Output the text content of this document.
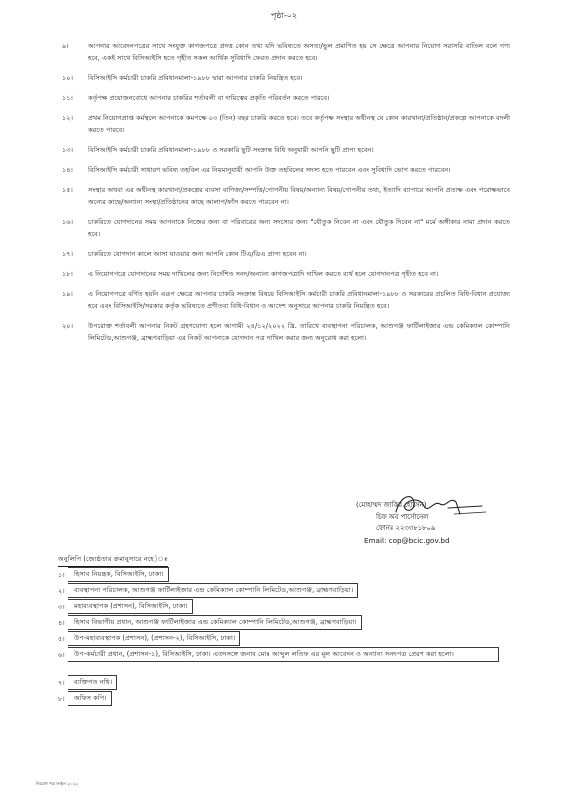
পৃষ্ঠা-০২
৯।	আপনার আবেদনপত্রের সাথে সংযুক্ত কাগজপত্রে প্রদত্ত কোন তথ্য যদি ভবিষ্যতে অসত্য/ভুল প্রমাণিত হয় সে ক্ষেত্রে আপনার নিয়োগ সরাসরি বাতিল বলে গণ্য হবে, একই সাথে বিসিআইসি হতে গৃহীত সকল আর্থিক সুবিধাদি ফেরত প্রদান করতে হবে।
১০। বিসিআইসি কর্মচারী চাকরি প্রবিধানমালা-১৯৮৮ দ্বারা আপনার চাকরি নিয়ন্ত্রিত হবে।
১১। কর্তৃপক্ষ প্রয়োজনবোধে আপনার চাকরির শর্তাবলী বা দায়িত্বের প্রকৃতি পরিবর্তন করতে পারবে।
১২। প্রথম নিয়োগপ্রাপ্ত কর্মস্থলে আপনাকে কমপক্ষে ০৩ (তিন) বছর চাকরি করতে হবে। তবে কর্তৃপক্ষ সংস্থার অধীনস্থ যে কোন কারখানা/প্রতিষ্ঠান/প্রকল্পে আপনাকে বদলী করতে পারবে।
১৩। বিসিআইসি কর্মচারী চাকরি প্রবিধানমালা-১৯৮৮ ও সরকারি ছুটি সংক্রান্ত বিধি অনুযায়ী আপনি ছুটি প্রাপ্য হবেন।
১৪। বিসিআইসি কর্মচারী সাধারণ ভবিষ্য তহবিল এর নিয়মানুযায়ী আপনি উক্ত তহবিলের সদস্য হতে পারবেন এবং সুবিধাদি ভোগ করতে পারবেন।
১৫। সংস্থার অথবা এর অধীনস্থ কারখানা/প্রকল্পের ব্যবসা বাণিজ্য/সম্পত্তি/গোপনীয় বিষয়/অন্যান্য বিষয়/গোপনীয় তথ্য, ইত্যাদি ব্যাপারে আপনি প্রত্যক্ষ এবং পরোক্ষভাবে অন্যের কাছে/অন্যান্য সংস্থা/প্রতিষ্ঠানের কাছে আলাপ/ফাঁস করতে পারবেন না।
১৬। চাকরিতে যোগদানের সময় আপনাকে নিজের জন্য বা পরিবারের অন্য সদস্যের জন্য "যৌতুক নিবেন না এবং যৌতুক দিবেন না" মর্মে অঙ্গীকার নামা প্রদান করতে হবে।
১৭। চাকরিতে যোগদান কালে আসা যাওয়ার জন্য আপনি কোন টিএ/ডিএ প্রাপ্য হবেন না।
১৮। এ নিয়োগপত্রে যোগদানের সময় দাখিলের জন্য নির্দেশিত সনদ/অন্যান্য কাগজপত্রাদি দাখিল করতে ব্যর্থ হলে যোগদানপত্র গৃহীত হবে না।
১৯। এ নিয়োগপত্রে বর্ণিত হয়নি এরূপ ক্ষেত্রে আপনার চাকরি সংক্রান্ত বিষয়ে বিসিআইসি কর্মচারী চাকরি প্রবিধানমালা-১৯৮৮ ও সরকারের প্রচলিত বিধি-বিধান প্রযোজ্য হবে এবং বিসিআইসি/সরকার কর্তৃক ভবিষ্যতে প্রণীতব্য বিধি-বিধান ও আদেশ অনুসারে আপনার চাকরি নিয়ন্ত্রিত হবে।
২০। উপরোক্ত শর্তাবলী আপনার নিকট গ্রহণযোগ্য হলে আগামী ২৪/১২/২০২২ খ্রি. তারিখে ব্যবস্থাপনা পরিচালক, আশুগঞ্জ ফার্টিলাইজার এন্ড কেমিক্যাল কোম্পানি লিমিটেড,আশুগঞ্জ, ব্রাহ্মণবাড়িয়া এর নিকট আপনাকে যোগদান পত্র দাখিল করার জন্য অনুরোধ করা হলো।
(মোহাম্মদ জাকির হোসেন)
চিফ অব পার্সোনেল
ফোনঃ ২২৩৩৮১৮০৯
Email: cop@bcic.gov.bd
অনুলিপি (জ্যেষ্ঠতার ক্রমানুসারে নহে)ঃ
১।	হিসাব নিয়ন্ত্রক, বিসিআইসি, ঢাকা।
২।	ব্যবস্থাপনা পরিচালক, আশুগঞ্জ ফার্টিলাইজার এন্ড কেমিক্যাল কোম্পানি লিমিটেড,আশুগঞ্জ, ব্রাহ্মণবাড়িয়া।
৩।	মহাব্যবস্থাপক (প্রশাসন), বিসিআইসি, ঢাকা।
৪।	হিসাব বিভাগীয় প্রধান, আশুগঞ্জ ফার্টিলাইজার এন্ড কেমিক্যাল কোম্পানি লিমিটেড,আশুগঞ্জ, ব্রাহ্মণবাড়িয়া।
৫।	উপ-মহাব্যবস্থাপক (প্রশাসন), (প্রশাসন-২), বিসিআইসি, ঢাকা।
৬।	উপ-কর্মচারী প্রধান, (প্রশাসন-১), বিসিআইসি, ঢাকা। এতদসঙ্গে জনাব মোঃ আব্দুল লতিফ এর মূল আবেদন ও অন্যান্য সনদপত্র প্রেরণ করা হলো।
৭।	ব্যক্তিগত নথি।
৮।	অফিস কপি।
নিয়োগ পত্র ফাইল ২০২২
